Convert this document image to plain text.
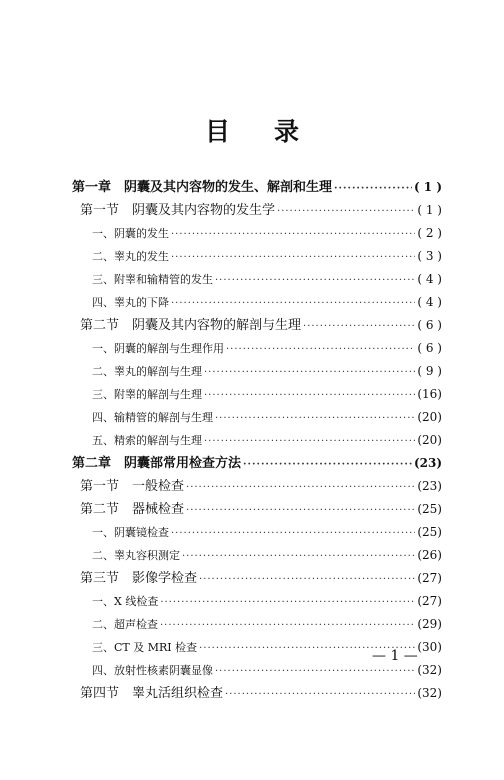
目 录
第一章　阴囊及其内容物的发生、解剖和生理 ·····	( 1 )
第一节　阴囊及其内容物的发生学 ·····	( 1 )
一、阴囊的发生 ·····	( 2 )
二、睾丸的发生 ·····	( 3 )
三、附睾和输精管的发生 ·····	( 4 )
四、睾丸的下降 ·····	( 4 )
第二节　阴囊及其内容物的解剖与生理 ·····	( 6 )
一、阴囊的解剖与生理作用 ·····	( 6 )
二、睾丸的解剖与生理 ·····	( 9 )
三、附睾的解剖与生理 ·····	(16)
四、输精管的解剖与生理 ·····	(20)
五、精索的解剖与生理 ·····	(20)
第二章　阴囊部常用检查方法 ·····	(23)
第一节　一般检查 ·····	(23)
第二节　器械检查 ·····	(25)
一、阴囊镜检查 ·····	(25)
二、睾丸容积测定 ·····	(26)
第三节　影像学检查 ·····	(27)
一、X 线检查 ·····	(27)
二、超声检查 ·····	(29)
三、CT 及 MRI 检查 ·····	(30)
四、放射性核素阴囊显像 ·····	(32)
第四节　睾丸活组织检查 ·····	(32)
— 1 —
